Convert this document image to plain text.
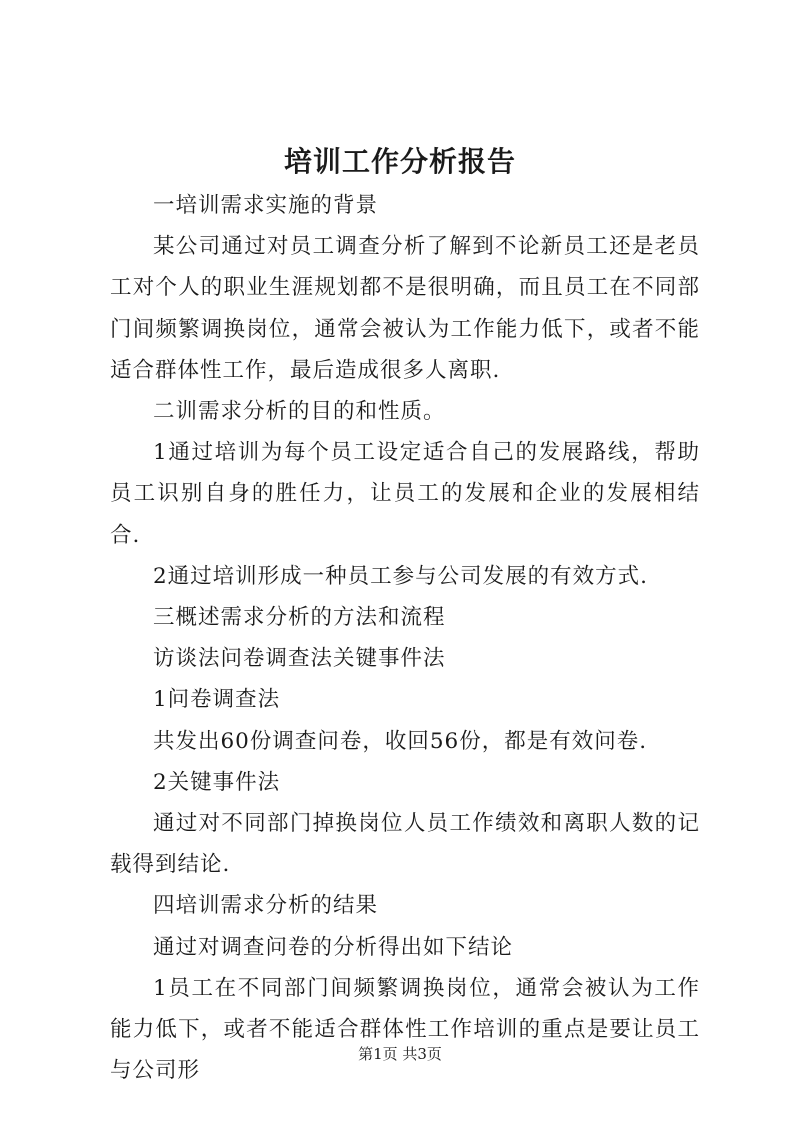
培训工作分析报告

一培训需求实施的背景

某公司通过对员工调查分析了解到不论新员工还是老员工对个人的职业生涯规划都不是很明确，而且员工在不同部门间频繁调换岗位，通常会被认为工作能力低下，或者不能适合群体性工作，最后造成很多人离职.

二训需求分析的目的和性质。

1通过培训为每个员工设定适合自己的发展路线，帮助员工识别自身的胜任力，让员工的发展和企业的发展相结合.

2通过培训形成一种员工参与公司发展的有效方式.

三概述需求分析的方法和流程

访谈法问卷调查法关键事件法

1问卷调查法

共发出60份调查问卷，收回56份，都是有效问卷.

2关键事件法

通过对不同部门掉换岗位人员工作绩效和离职人数的记载得到结论.

四培训需求分析的结果

通过对调查问卷的分析得出如下结论

1员工在不同部门间频繁调换岗位，通常会被认为工作能力低下，或者不能适合群体性工作培训的重点是要让员工与公司形

第1页 共3页
